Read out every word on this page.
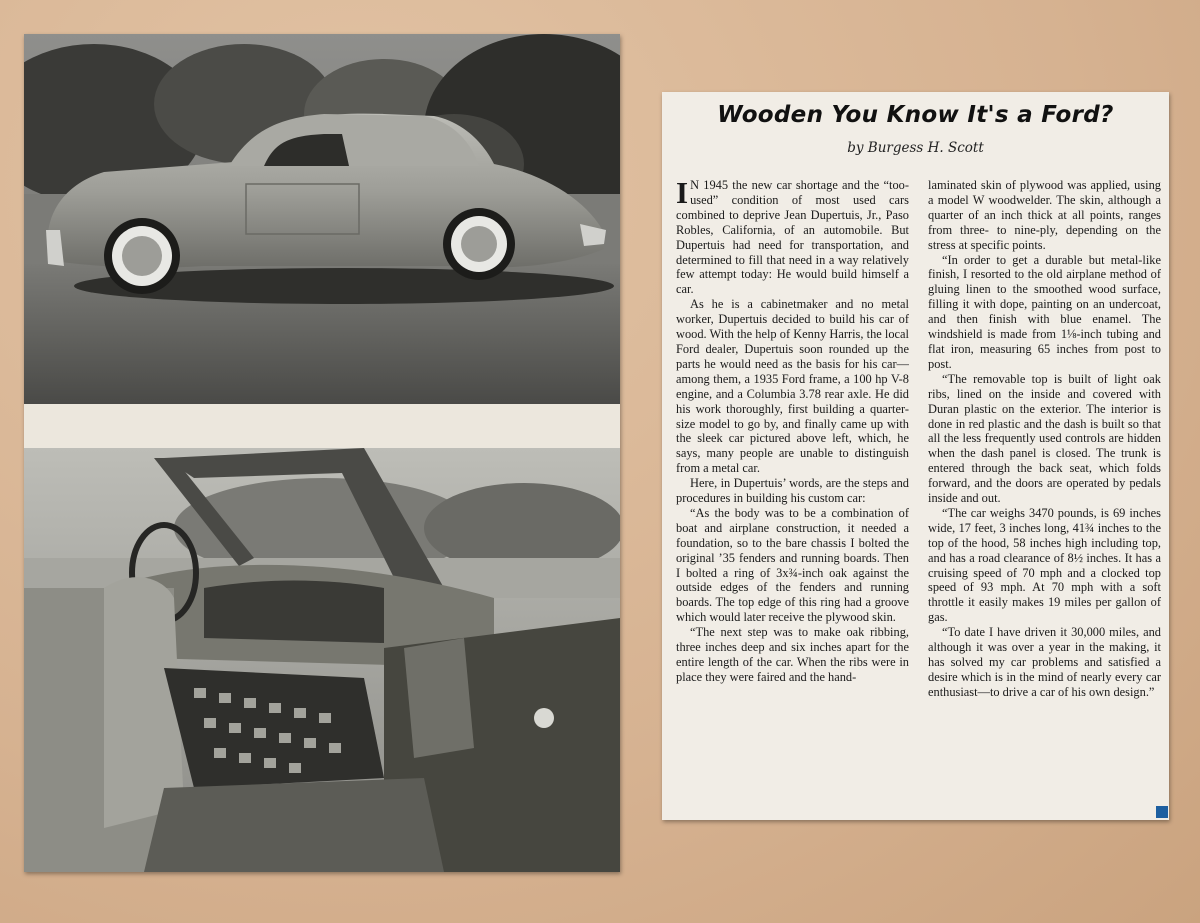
Wooden You Know It's a Ford?

by Burgess H. Scott

I N 1945 the new car shortage and the “too-used” condition of most used cars combined to deprive Jean Dupertuis, Jr., Paso Robles, California, of an automobile. But Dupertuis had need for transportation, and determined to fill that need in a way relatively few attempt today: He would build himself a car.

As he is a cabinetmaker and no metal worker, Dupertuis decided to build his car of wood. With the help of Kenny Harris, the local Ford dealer, Dupertuis soon rounded up the parts he would need as the basis for his car—among them, a 1935 Ford frame, a 100 hp V-8 engine, and a Columbia 3.78 rear axle. He did his work thoroughly, first building a quarter-size model to go by, and finally came up with the sleek car pictured above left, which, he says, many people are unable to distinguish from a metal car.

Here, in Dupertuis’ words, are the steps and procedures in building his custom car:

“As the body was to be a combination of boat and airplane construction, it needed a foundation, so to the bare chassis I bolted the original ’35 fenders and running boards. Then I bolted a ring of 3x¾-inch oak against the outside edges of the fenders and running boards. The top edge of this ring had a groove which would later receive the plywood skin.

“The next step was to make oak ribbing, three inches deep and six inches apart for the entire length of the car. When the ribs were in place they were faired and the hand-

laminated skin of plywood was applied, using a model W woodwelder. The skin, although a quarter of an inch thick at all points, ranges from three- to nine-ply, depending on the stress at specific points.

“In order to get a durable but metal-like finish, I resorted to the old airplane method of gluing linen to the smoothed wood surface, filling it with dope, painting on an undercoat, and then finish with blue enamel. The windshield is made from 1⅛-inch tubing and flat iron, measuring 65 inches from post to post.

“The removable top is built of light oak ribs, lined on the inside and covered with Duran plastic on the exterior. The interior is done in red plastic and the dash is built so that all the less frequently used controls are hidden when the dash panel is closed. The trunk is entered through the back seat, which folds forward, and the doors are operated by pedals inside and out.

“The car weighs 3470 pounds, is 69 inches wide, 17 feet, 3 inches long, 41¾ inches to the top of the hood, 58 inches high including top, and has a road clearance of 8½ inches. It has a cruising speed of 70 mph and a clocked top speed of 93 mph. At 70 mph with a soft throttle it easily makes 19 miles per gallon of gas.

“To date I have driven it 30,000 miles, and although it was over a year in the making, it has solved my car problems and satisfied a desire which is in the mind of nearly every car enthusiast—to drive a car of his own design.”
